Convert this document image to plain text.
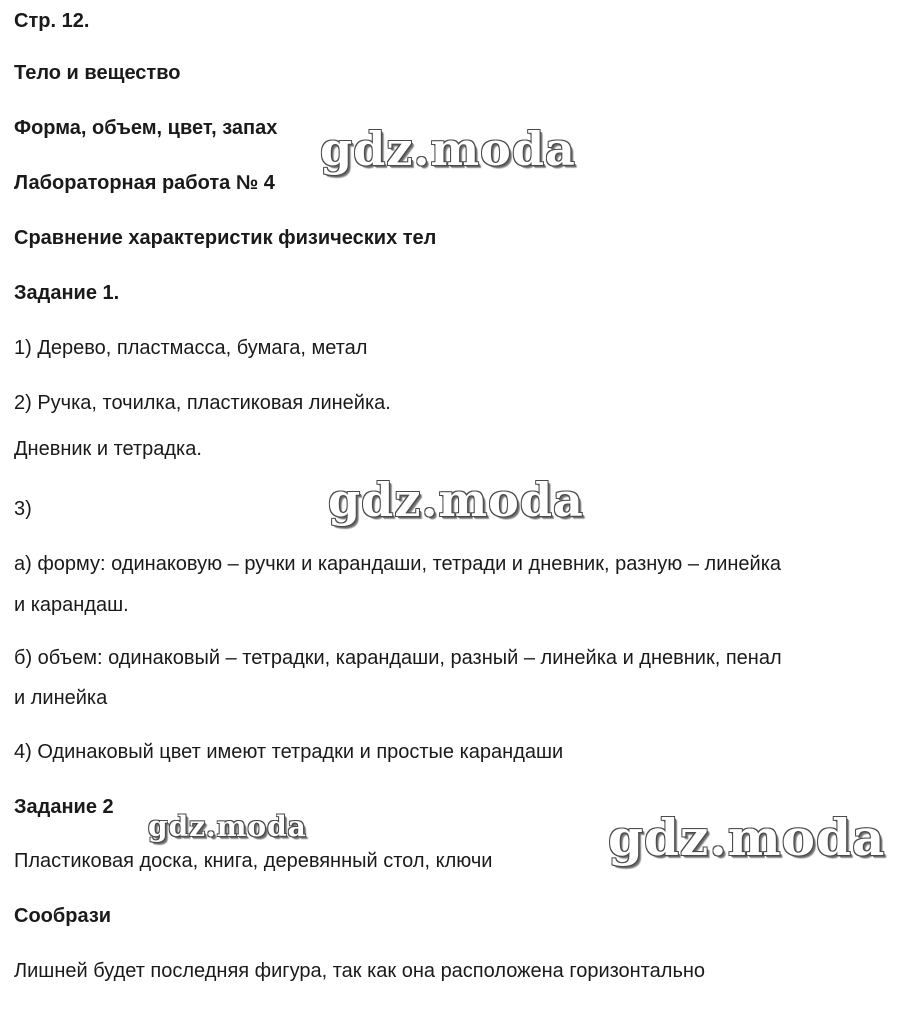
Стр. 12.
Тело и вещество
Форма, объем, цвет, запах
Лабораторная работа № 4
Сравнение характеристик физических тел
Задание 1.
1) Дерево, пластмасса, бумага, метал
2) Ручка, точилка, пластиковая линейка.
Дневник и тетрадка.
3)
а) форму: одинаковую – ручки и карандаши, тетради и дневник, разную – линейка
и карандаш.
б) объем: одинаковый – тетрадки, карандаши, разный – линейка и дневник, пенал
и линейка
4) Одинаковый цвет имеют тетрадки и простые карандаши
Задание 2
Пластиковая доска, книга, деревянный стол, ключи
Сообрази
Лишней будет последняя фигура, так как она расположена горизонтально
gdz.moda
gdz.moda
gdz.moda	gdz.moda
